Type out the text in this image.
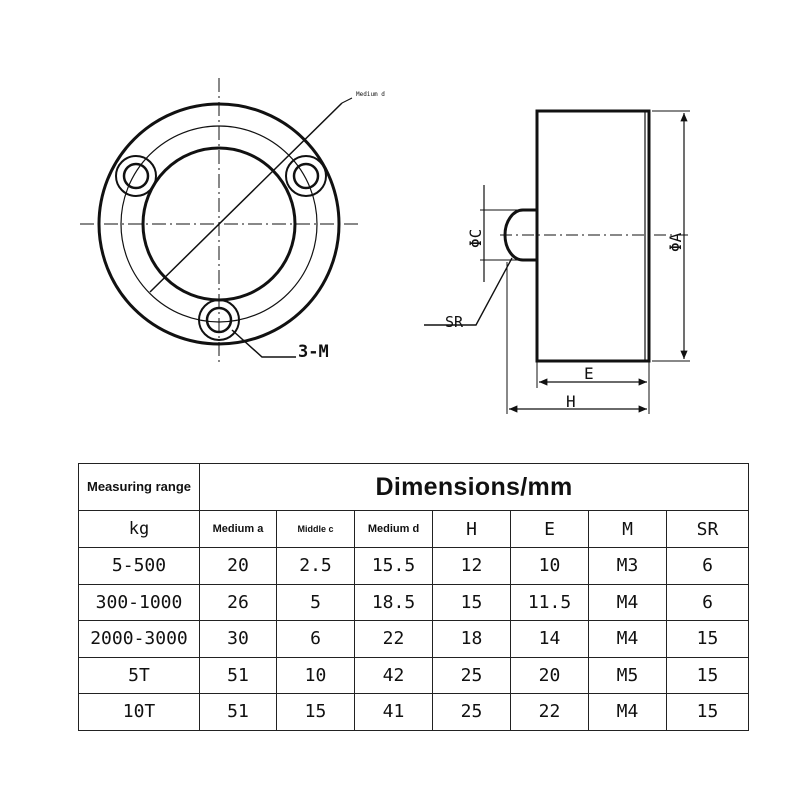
Medium d
3-M
ΦC	ΦA
SR
E
H
Measuring range	Dimensions/mm						
kg	Medium a	Middle c	Medium d	H	E	M	SR
5-500	20	2.5	15.5	12	10	M3	6
300-1000	26	5	18.5	15	11.5	M4	6
2000-3000	30	6	22	18	14	M4	15
5T	51	10	42	25	20	M5	15
10T	51	15	41	25	22	M4	15
